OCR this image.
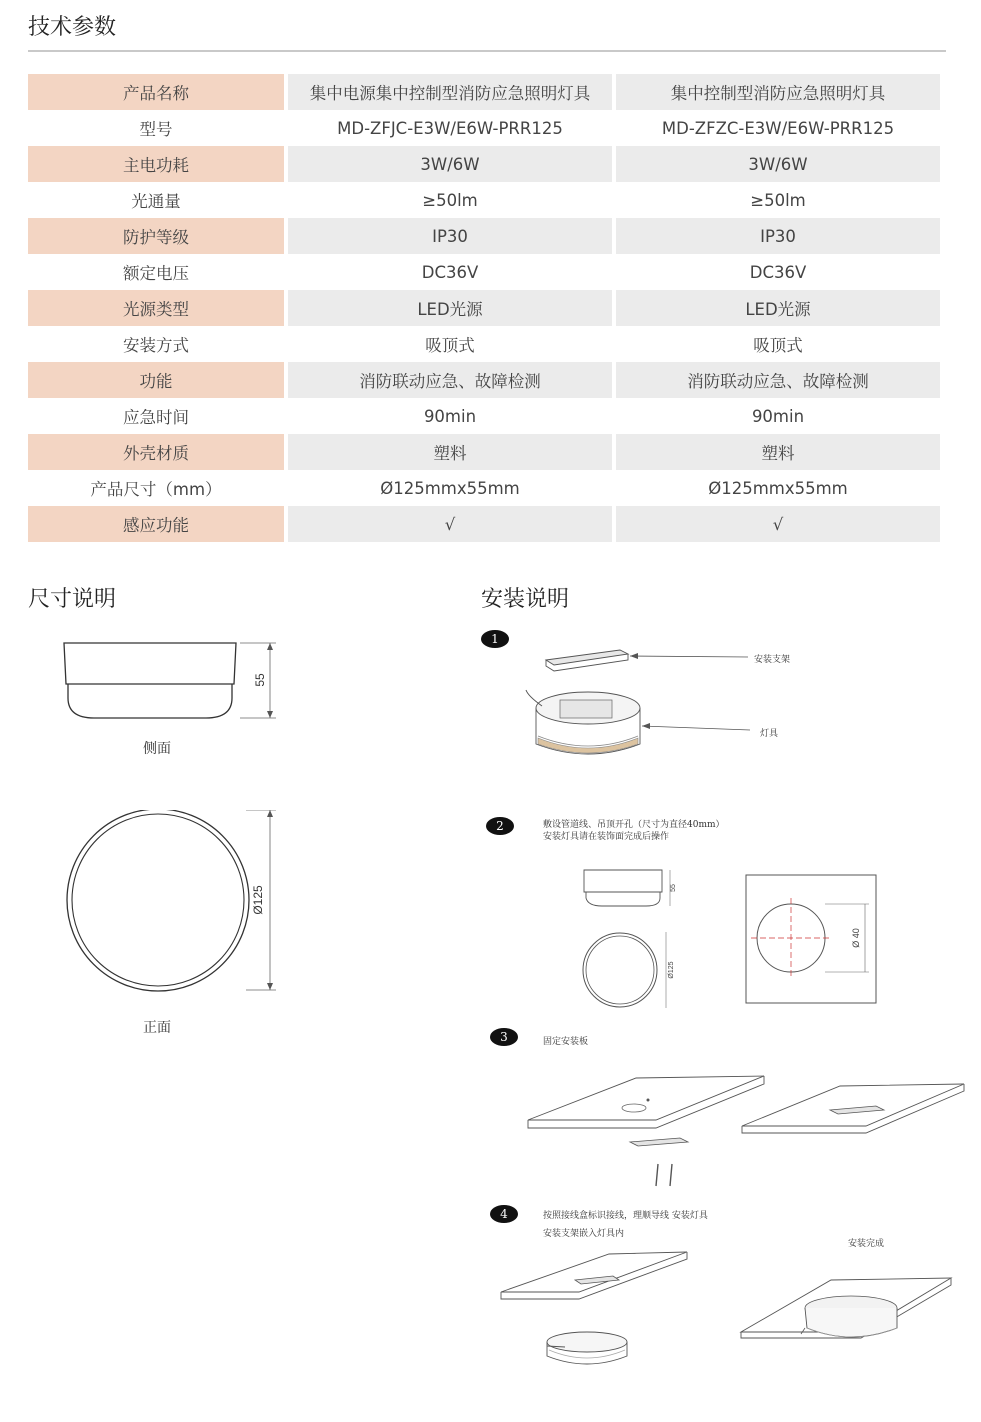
技术参数
产品名称	集中电源集中控制型消防应急照明灯具	集中控制型消防应急照明灯具
型号	MD-ZFJC-E3W/E6W-PRR125	MD-ZFZC-E3W/E6W-PRR125
主电功耗	3W/6W	3W/6W
光通量	≥50lm	≥50lm
防护等级	IP30	IP30
额定电压	DC36V	DC36V
光源类型	LED光源	LED光源
安装方式	吸顶式	吸顶式
功能	消防联动应急、故障检测	消防联动应急、故障检测
应急时间	90min	90min
外壳材质	塑料	塑料
产品尺寸（mm）	Ø125mmx55mm	Ø125mmx55mm
感应功能	√	√
尺寸说明	安装说明
55
侧面
Ø125
正面
1
安装支架
灯具
2	敷设管道线、吊顶开孔（尺寸为直径40mm）
安装灯具请在装饰面完成后操作
55
Ø125
Ø 40
3	固定安装板
4	按照接线盒标识接线，理顺导线 安装灯具
安装支架嵌入灯具内
安装完成
